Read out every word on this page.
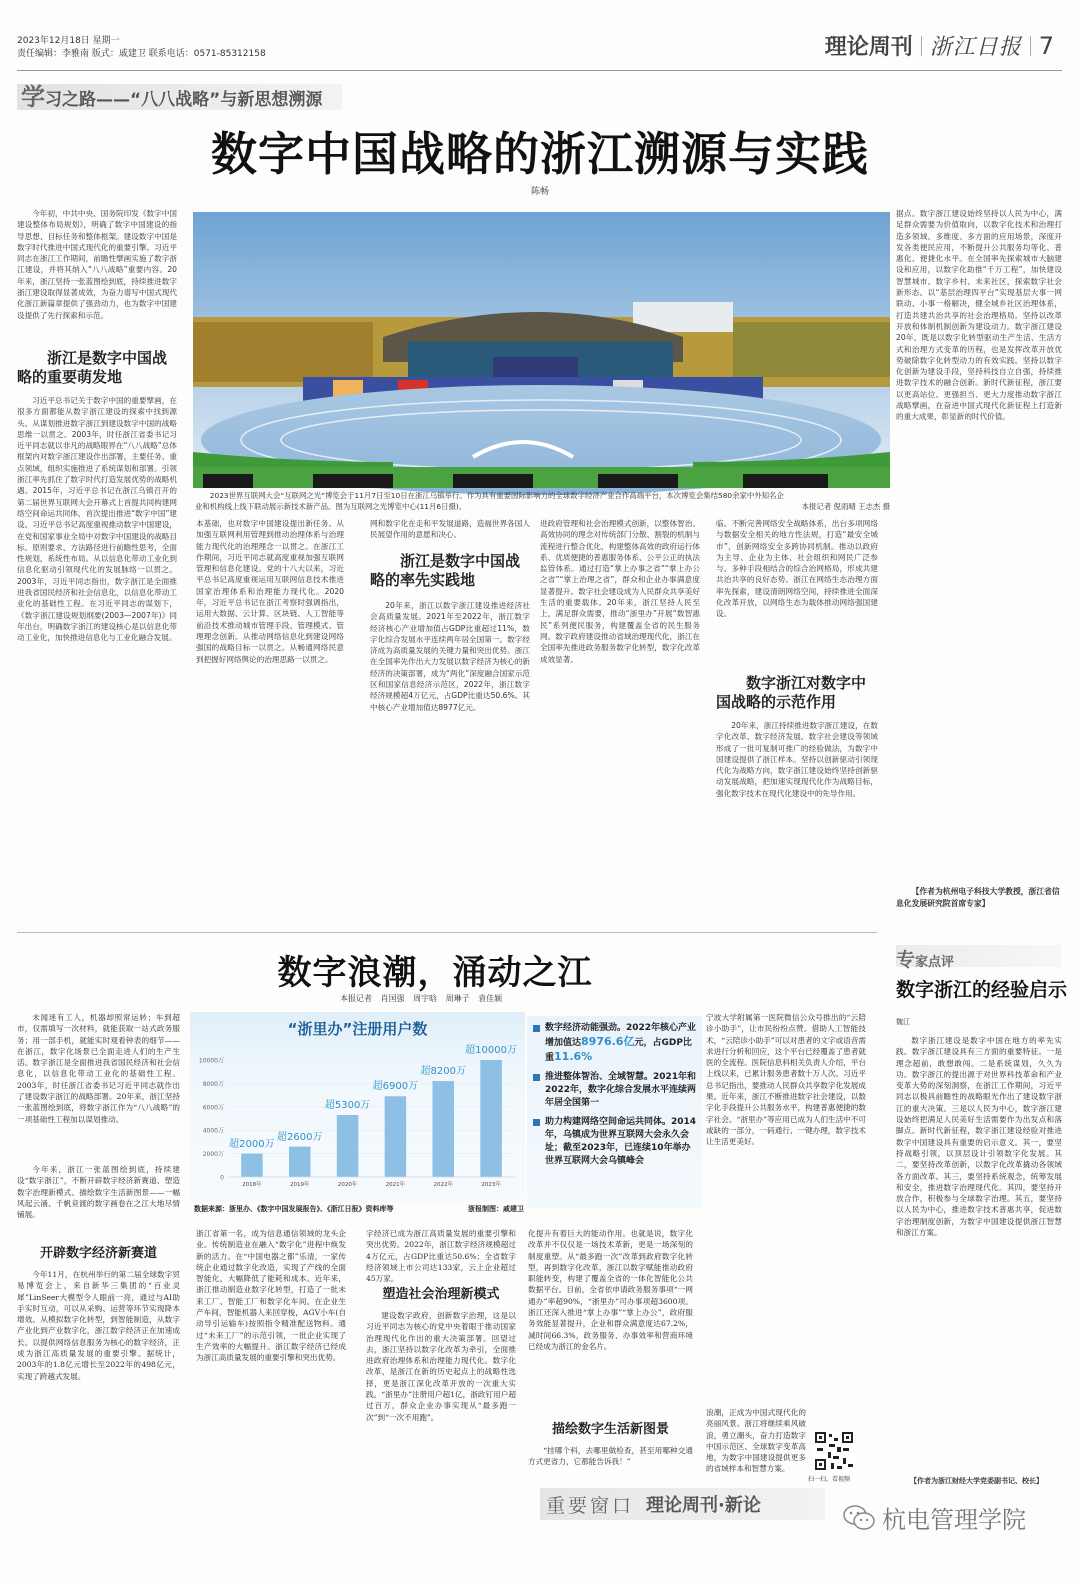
2023年12月18日 星期一
责任编辑：李雅南 版式：戚建卫 联系电话：0571-85312158	理论周刊 浙江日报 7
学习之路——“八八战略”与新思想溯源
数字中国战略的浙江溯源与实践
陈畅

今年初，中共中央、国务院印发《数字中国建设整体布局规划》，明确了数字中国建设的指导思想、目标任务和整体框架。建设数字中国是数字时代推进中国式现代化的重要引擎。习近平同志在浙江工作期间，前瞻性擘画实施了数字浙江建设，并将其纳入“八八战略”重要内容。20年来，浙江坚持一张蓝图绘到底，持续推进数字浙江建设取得显著成效，为奋力谱写中国式现代化浙江新篇章提供了强劲动力，也为数字中国建设提供了先行探索和示范。

浙江是数字中国战略的重要萌发地

习近平总书记关于数字中国的重要擘画，在很多方面都能从数字浙江建设的探索中找到源头。从谋划推进数字浙江到建设数字中国的战略思维一以贯之。2003年，时任浙江省委书记习近平同志就以非凡的战略眼界在“八八战略”总体框架内对数字浙江建设作出部署，主要任务、重点领域，组织实施推进了系统谋划和部署。引领浙江率先抓住了数字时代打造发展优势的战略机遇。2015年，习近平总书记在浙江乌镇召开的第二届世界互联网大会开幕式上首提共同构建网络空间命运共同体，首次提出推进“数字中国”建设。习近平总书记高度重视推动数字中国建设，在党和国家事业全局中对数字中国建设的战略目标、原则要求、方法路径进行前瞻性思考，全面性规划，系统性布局。从以信息化带动工业化到信息化驱动引领现代化的发展脉络一以贯之。2003年，习近平同志指出，数字浙江是全面推进我省国民经济和社会信息化，以信息化带动工业化的基础性工程。在习近平同志的谋划下，《数字浙江建设规划纲要(2003—2007年)》同年出台，明确数字浙江的建设核心是以信息化带动工业化，加快推进信息化与工业化融合发展。

2023世界互联网大会“互联网之光”博览会于11月7日至10日在浙江乌镇举行。作为具有重要国际影响力的全球数字经济产业合作高端平台，本次博览会集结580余家中外知名企业和机构线上线下联动展示新技术新产品。图为互联网之光博览中心(11月6日摄)。	本报记者 倪雨晴 王志杰 摄

本基础，也对数字中国建设提出新任务。从加强互联网利用管理到推动治理体系与治理能力现代化的治理理念一以贯之。在浙江工作期间，习近平同志就高度重视加强互联网管理和信息化建设。党的十八大以来，习近平总书记高度重视运用互联网信息技术推进国家治理体系和治理能力现代化。2020年，习近平总书记在浙江考察时强调指出，运用大数据、云计算、区块链、人工智能等前沿技术推动城市管理手段、管理模式、管理理念创新。从推动网络信息化到建设网络强国的战略目标一以贯之。从畅通网络民意到把握好网络舆论的治理思路一以贯之。

网和数字化在走和平发展道路，造福世界各国人民展望作用的意愿和决心。

浙江是数字中国战略的率先实践地

20年来，浙江以数字浙江建设推进经济社会高质量发展。2021年至2022年，浙江数字经济核心产业增加值占GDP比重超过11%，数字化综合发展水平连续两年居全国第一。数字经济成为高质量发展的关键力量和突出优势。浙江在全国率先作出大力发展以数字经济为核心的新经济的决策部署，成为“两化”深度融合国家示范区和国家信息经济示范区，2022年，浙江数字经济规模超4万亿元，占GDP比重达50.6%。其中核心产业增加值达8977亿元。

进政府管理和社会治理模式创新，以整体智治、高效协同的理念对传统部门分散、割裂的机制与流程进行整合优化，构建整体高效的政府运行体系、优质便捷的普惠服务体系、公平公正的执法监管体系。通过打造“掌上办事之省”“掌上办公之省”“掌上治理之省”，群众和企业办事满意度显著提升。数字社会建设成为人民群众共享美好生活的重要载体。20年来，浙江坚持人民至上，满足群众需要，推动“浙里办”开展“数智惠民”系列便民服务，构建覆盖全省的民生服务网。数字政府建设推动省域治理现代化，浙江在全国率先推进政务服务数字化转型，数字化改革成效显著。

临。不断完善网络安全战略体系，出台多项网络与数据安全相关的地方性法规，打造“最安全城市”，创新网络安全多跨协同机制。推动以政府为主导、企业为主体、社会组织和网民广泛参与、多种手段相结合的综合治网格局，形成共建共治共享的良好态势。浙江在网络生态治理方面率先探索，建设清朗网络空间，持续推进全面深化改革开放，以网络生态为载体推动网络强国建设。

数字浙江对数字中国战略的示范作用

20年来，浙江持续推进数字浙江建设，在数字化改革、数字经济发展、数字社会建设等领域形成了一批可复制可推广的经验做法，为数字中国建设提供了浙江样本。坚持以创新驱动引领现代化为战略方向，数字浙江建设始终坚持创新驱动发展战略，把加速实现现代化作为战略目标，强化数字技术在现代化建设中的先导作用。

据点。数字浙江建设始终坚持以人民为中心，满足群众需要为价值取向，以数字化技术和治理打造多领域、多维度、多方面的应用场景，深度开发各类便民应用，不断提升公共服务均等化、普惠化、便捷化水平。在全国率先探索城市大脑建设和应用，以数字化助推“千万工程”，加快建设智慧城市、数字乡村、未来社区，探索数字社会新形态。以“基层治理四平台”实现基层大事一网联动、小事一格解决，健全城乡社区治理体系，打造共建共治共享的社会治理格局。坚持以改革开放和体制机制创新为建设动力。数字浙江建设20年，既是以数字化转型驱动生产生活、生活方式和治理方式变革的历程，也是发挥改革开放优势破除数字化转型动力的有效实践。坚持以数字化创新为建设手段，坚持科技自立自强，持续推进数字技术的融合创新。新时代新征程，浙江要以更高站位、更强担当、更大力度推动数字浙江战略擘画，在奋进中国式现代化新征程上打造新的重大成果，彰显新的时代价值。

【作者为杭州电子科技大学教授，浙江省信息化发展研究院首席专家】

数字浪潮，涌动之江
本报记者 肖国强 周宇晗 周琳子 袁佳颖

未闻迷有工人，机器却照常运转；车到超市，仅需填写一次材料，就能获取一站式政务服务；用一部手机，就能实时观看钟表的细节——在浙江，数字化场景已全面走进人们的生产生活。数字浙江是全面推进我省国民经济和社会信息化，以信息化带动工业化的基础性工程。2003年，时任浙江省委书记习近平同志就作出了建设数字浙江的战略部署。20年来，浙江坚持一张蓝图绘到底，将数字浙江作为“八八战略”的一项基础性工程加以谋划推动。

今年来，浙江一张蓝图绘到底，持续建设“数字浙江”，不断开辟数字经济新赛道、塑造数字治理新模式、描绘数字生活新图景——一幅风起云涌、千帆竞渡的数字画卷在之江大地尽情铺展。

开辟数字经济新赛道

今年11月，在杭州举行的第二届全球数字贸易博览会上，来自新华三集团的“百业灵犀”LinSeer大模型令人眼前一亮，通过与AI助手实时互动，可以从采购、运营等环节实现降本增效。从模拟数字化转型，到智能制造，从数字产业化到产业数字化，浙江数字经济正在加速成长。以提供网络信息服务为核心的数字经济，正成为浙江高质量发展的重要引擎。据统计，2003年的1.8亿元增长至2022年的498亿元，实现了跨越式发展。

“浙里办”注册用户数
0
2000万
4000万
6000万
8000万
10000万
2018年	2019年	2020年	2021年	2022年	2023年
超2000万
超2600万
超5300万
超6900万
超8200万
超10000万
数据来源：浙里办、《数字中国发展报告》、《浙江日报》资料库等	浙报制图：戚建卫
数字经济动能强劲。2022年核心产业增加值达8976.6亿元，占GDP比重11.6%
推进整体智治、全域智慧。2021年和2022年，数字化综合发展水平连续两年居全国第一
助力构建网络空间命运共同体。2014年，乌镇成为世界互联网大会永久会址；截至2023年，已连续10年举办世界互联网大会乌镇峰会

浙江省第一名，成为信息通信领域的龙头企业。传统制造业在融入“数字化”进程中焕发新的活力。在“中国电器之都”乐清，一家传统企业通过数字化改造，实现了产线的全面智能化，大幅降低了能耗和成本。近年来，浙江推动制造业数字化转型，打造了一批未来工厂、智能工厂和数字化车间。在企业生产车间，智能机器人来回穿梭，AGV小车(自动导引运输车)按照指令精准配送物料。通过“未来工厂”的示范引领，一批企业实现了生产效率的大幅提升。浙江数字经济已经成为浙江高质量发展的重要引擎和突出优势。

字经济已成为浙江高质量发展的重要引擎和突出优势。2022年，浙江数字经济规模超过4万亿元，占GDP比重达50.6%；全省数字经济领域上市公司达133家，云上企业超过45万家。

塑造社会治理新模式

建设数字政府，创新数字治理，这是以习近平同志为核心的党中央着眼于推动国家治理现代化作出的重大决策部署。回望过去，浙江坚持以数字化改革为牵引，全面推进政府治理体系和治理能力现代化。数字化改革，是浙江在新的历史起点上的战略性选择，更是浙江深化改革开放的一次重大实践。“浙里办”注册用户超1亿，浙政钉用户超过百万，群众企业办事实现从“最多跑一次”到“一次不用跑”。

化提升有着巨大的能动作用。也就是说，数字化改革并不仅仅是一场技术革新，更是一场深刻的制度重塑。从“最多跑一次”改革到政府数字化转型，再到数字化改革，浙江以数字赋能推动政府职能转变，构建了覆盖全省的一体化智能化公共数据平台。目前，全省依申请政务服务事项“一网通办”率超90%，“浙里办”可办事项超3600项。浙江还深入推进“掌上办事”“掌上办公”，政府服务效能显著提升，企业和群众满意度达67.2%，减时间66.3%，政务服务、办事效率和营商环境已经成为浙江的金名片。

描绘数字生活新图景

“挂哪个科，去哪里做检查，甚至用哪种交通方式更省力，它都能告诉我！”

宁波大学附属第一医院微信公众号推出的“云陪诊小助手”，让市民纷纷点赞。借助人工智能技术，“云陪诊小助手”可以对患者的文字或语音需求进行分析和回应，这个平台已经覆盖了患者就医的全流程。医院信息科相关负责人介绍，平台上线以来，已累计服务患者数十万人次。习近平总书记指出，要推动人民群众共享数字化发展成果。近年来，浙江不断推进数字社会建设，以数字化手段提升公共服务水平，构建普惠便捷的数字社会。“浙里办”等应用已成为人们生活中不可或缺的一部分，一码通行、一键办理，数字技术让生活更美好。

浪潮，正成为中国式现代化的亮丽风景。浙江将继续乘风破浪，勇立潮头，奋力打造数字中国示范区、全球数字变革高地，为数字中国建设提供更多的省域样本和智慧方案。

扫一扫，看视频
专家点评
数字浙江的经验启示
魏江

数字浙江建设是数字中国在地方的率先实践。数字浙江建设具有三方面的重要特征。一是理念超前，敢想敢闯。二是系统谋划，久久为功。数字浙江的提出源于对世界科技革命和产业变革大势的深刻洞察，在浙江工作期间，习近平同志以极具前瞻性的战略眼光作出了建设数字浙江的重大决策。三是以人民为中心，数字浙江建设始终把满足人民美好生活需要作为出发点和落脚点。新时代新征程，数字浙江建设经验对推进数字中国建设具有重要的启示意义。其一，要坚持战略引领，以顶层设计引领数字化发展。其二，要坚持改革创新，以数字化改革撬动各领域各方面改革。其三，要坚持系统观念，统筹发展和安全，推进数字治理现代化。其四，要坚持开放合作，积极参与全球数字治理。其五，要坚持以人民为中心，推进数字技术普惠共享，促进数字治理制度创新，为数字中国建设提供浙江智慧和浙江方案。

【作者为浙江财经大学党委副书记、校长】

重要窗口 理论周刊·新论
杭电管理学院
